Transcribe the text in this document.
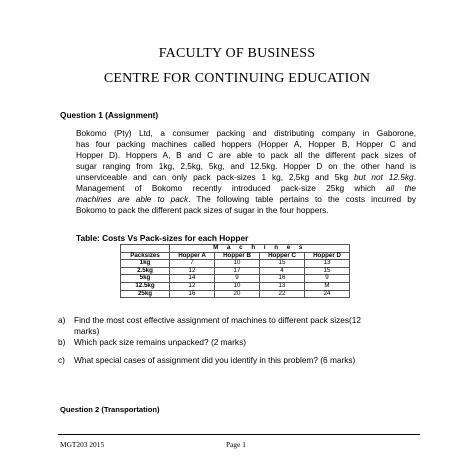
FACULTY OF BUSINESS
CENTRE FOR CONTINUING EDUCATION
Question 1 (Assignment)
Bokomo (Pty) Ltd, a consumer packing and distributing company in Gaborone,
has four packing machines called hoppers (Hopper A, Hopper B, Hopper C and
Hopper D). Hoppers A, B and C are able to pack all the different pack sizes of
sugar ranging from 1kg, 2,5kg, 5kg, and 12.5kg. Hopper D on the other hand is
unserviceable and can only pack pack-sizes 1 kg, 2,5kg and 5kg but not 12.5kg.
Management of Bokomo recently introduced pack-size 25kg which all the
machines are able to pack. The following table pertains to the costs incurred by
Bokomo to pack the different pack sizes of sugar in the four hoppers.
Table: Costs Vs Pack-sizes for each Hopper
	M a c h i n e s			
Packsizes	Hopper A	Hopper B	Hopper C	Hopper D
1kg	7	10	15	13
2.5kg	12	17	4	15
5kg	14	9	16	9
12.5kg	12	10	13	M
25kg	16	20	22	24
a) Find the most cost effective assignment of machines to different pack sizes(12
marks)
b) Which pack size remains unpacked? (2 marks)
c) What special cases of assignment did you identify in this problem? (6 marks)
Question 2 (Transportation)
MGT203 2015	Page 1
